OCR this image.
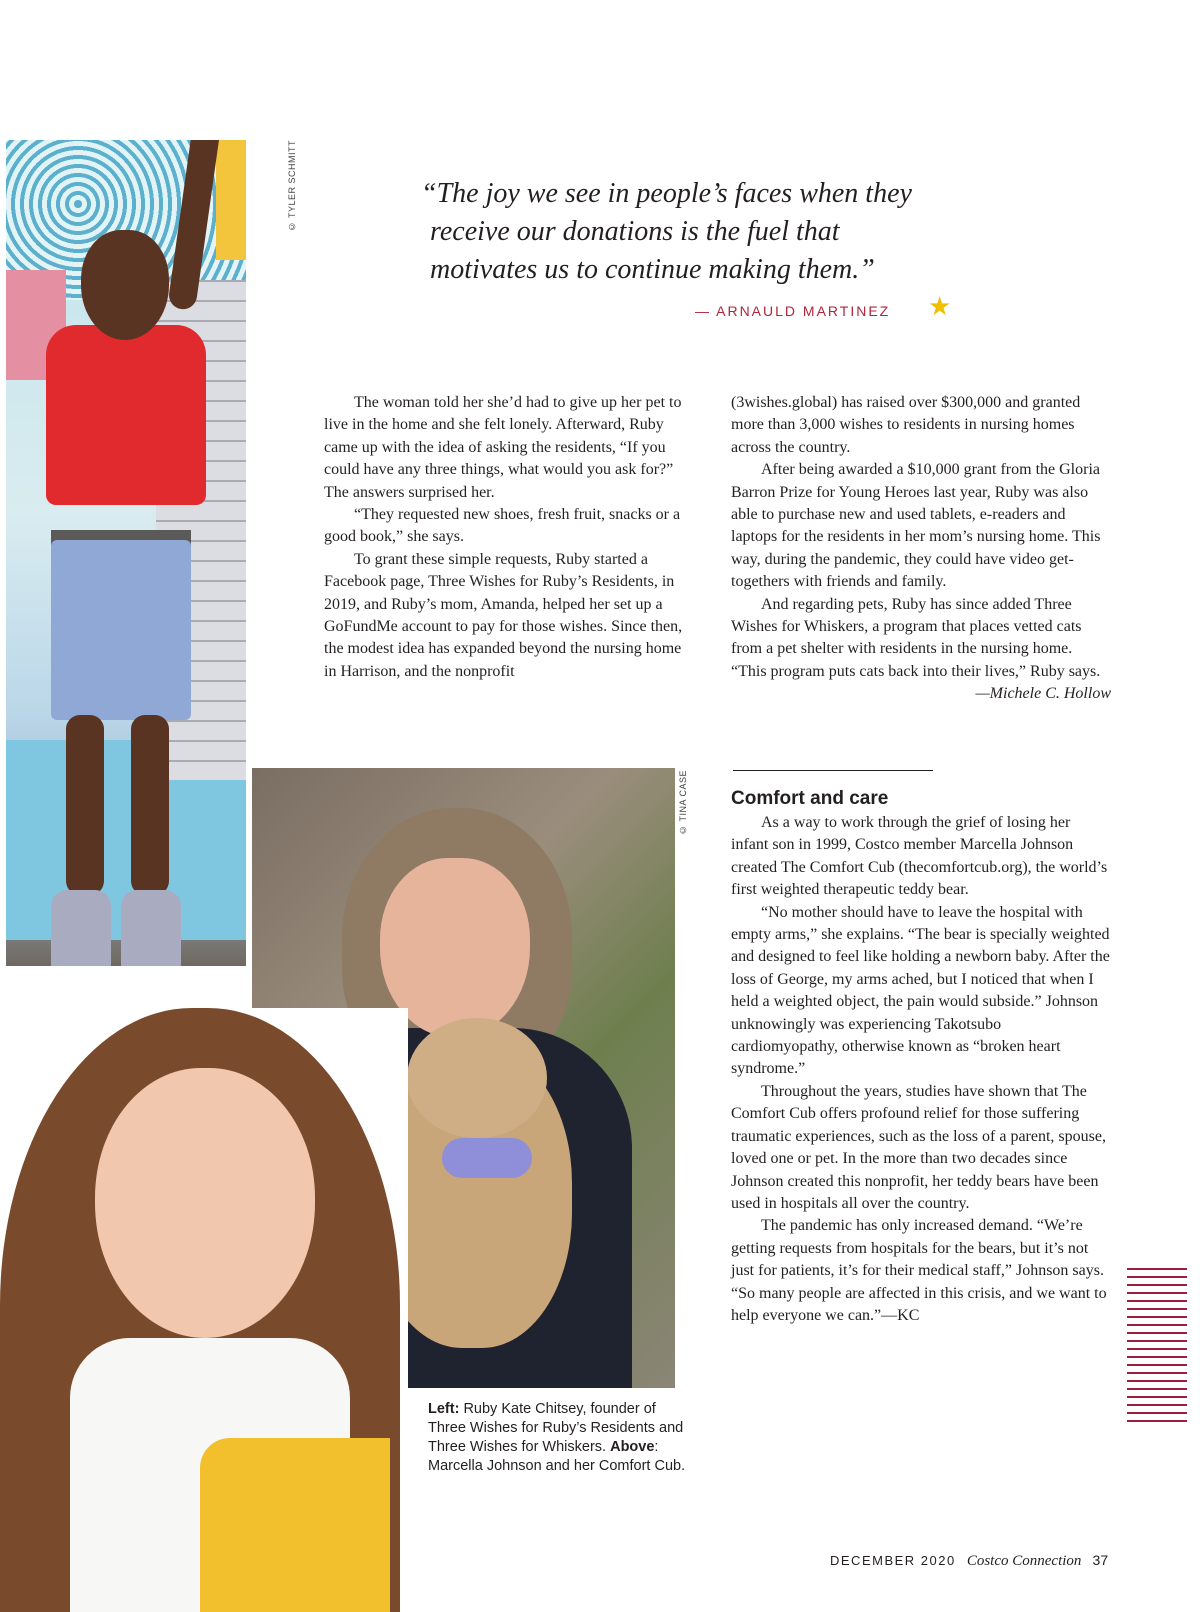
© TYLER SCHMITT
© TINA CASE
“The joy we see in people’s faces when they receive our donations is the fuel that motivates us to continue making them.”
— ARNAULD MARTINEZ ★

The woman told her she’d had to give up her pet to live in the home and she felt lonely. Afterward, Ruby came up with the idea of asking the residents, “If you could have any three things, what would you ask for?” The answers surprised her.

“They requested new shoes, fresh fruit, snacks or a good book,” she says.

To grant these simple requests, Ruby started a Facebook page, Three Wishes for Ruby’s Residents, in 2019, and Ruby’s mom, Amanda, helped her set up a GoFundMe account to pay for those wishes. Since then, the modest idea has expanded beyond the nursing home in Harrison, and the nonprofit

(3wishes.global) has raised over $300,000 and granted more than 3,000 wishes to residents in nursing homes across the country.

After being awarded a $10,000 grant from the Gloria Barron Prize for Young Heroes last year, Ruby was also able to purchase new and used tablets, e-readers and laptops for the residents in her mom’s nursing home. This way, during the pandemic, they could have video get-togethers with friends and family.

And regarding pets, Ruby has since added Three Wishes for Whiskers, a program that places vetted cats from a pet shelter with residents in the nursing home. “This program puts cats back into their lives,” Ruby says.

—Michele C. Hollow
Comfort and care

As a way to work through the grief of losing her infant son in 1999, Costco member Marcella Johnson created The Comfort Cub (thecomfortcub.org), the world’s first weighted therapeutic teddy bear.

“No mother should have to leave the hospital with empty arms,” she explains. “The bear is specially weighted and designed to feel like holding a newborn baby. After the loss of George, my arms ached, but I noticed that when I held a weighted object, the pain would subside.” Johnson unknowingly was experiencing Takotsubo cardiomyopathy, otherwise known as “broken heart syndrome.”

Throughout the years, studies have shown that The Comfort Cub offers profound relief for those suffering traumatic experiences, such as the loss of a parent, spouse, loved one or pet. In the more than two decades since Johnson created this nonprofit, her teddy bears have been used in hospitals all over the country.

The pandemic has only increased demand. “We’re getting requests from hospitals for the bears, but it’s not just for patients, it’s for their medical staff,” Johnson says. “So many people are affected in this crisis, and we want to help everyone we can.”—KC

Left: Ruby Kate Chitsey, founder of Three Wishes for Ruby’s Residents and Three Wishes for Whiskers. Above: Marcella Johnson and her Comfort Cub.
DECEMBER 2020 Costco Connection 37
